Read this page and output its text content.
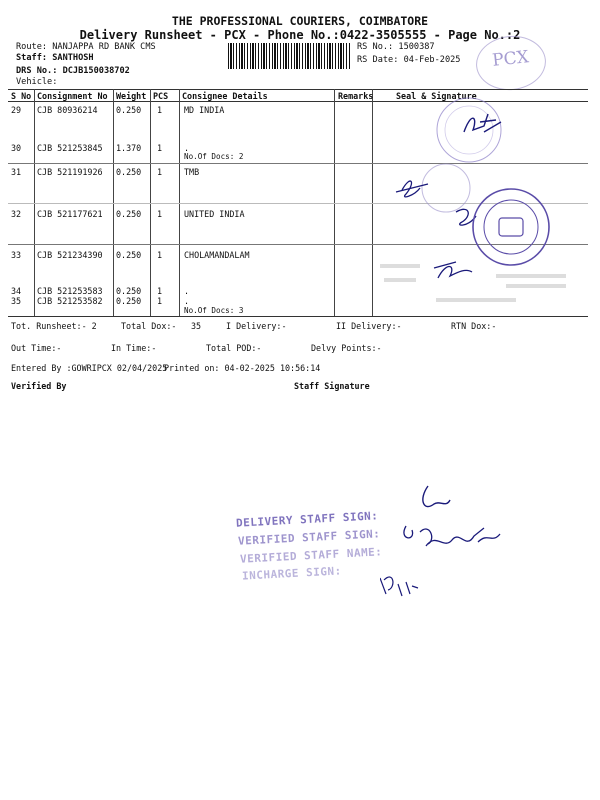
THE PROFESSIONAL COURIERS, COIMBATORE
Delivery Runsheet - PCX - Phone No.:0422-3505555 - Page No.:2
Route: NANJAPPA RD BANK CMS
Staff: SANTHOSH
DRS No.: DCJB150038702
Vehicle:
RS No.: 1500387
RS Date: 04-Feb-2025	PCX
S No Consignment No Weight PCS Consignee Details	Remarks	Seal & Signature
29 CJB 80936214 0.250 1	MD INDIA
30 CJB 521253845 1.370 1	.
No.Of Docs: 2
31 CJB 521191926 0.250 1	TMB
32 CJB 521177621 0.250 1	UNITED INDIA
33 CJB 521234390 0.250 1	CHOLAMANDALAM
34 CJB 521253583 0.250 1	.
35 CJB 521253582 0.250 1	.
No.Of Docs: 3
Tot. Runsheet:- 2	Total Dox:- 35	I Delivery:-	II Delivery:-	RTN Dox:-
Out Time:-	In Time:-	Total POD:-	Delvy Points:-
Entered By :GOWRIPCX 02/04/2025
Printed on: 04-02-2025 10:56:14
Verified By	Staff Signature
DELIVERY STAFF SIGN:
VERIFIED STAFF SIGN:
VERIFIED STAFF NAME:
INCHARGE SIGN:
